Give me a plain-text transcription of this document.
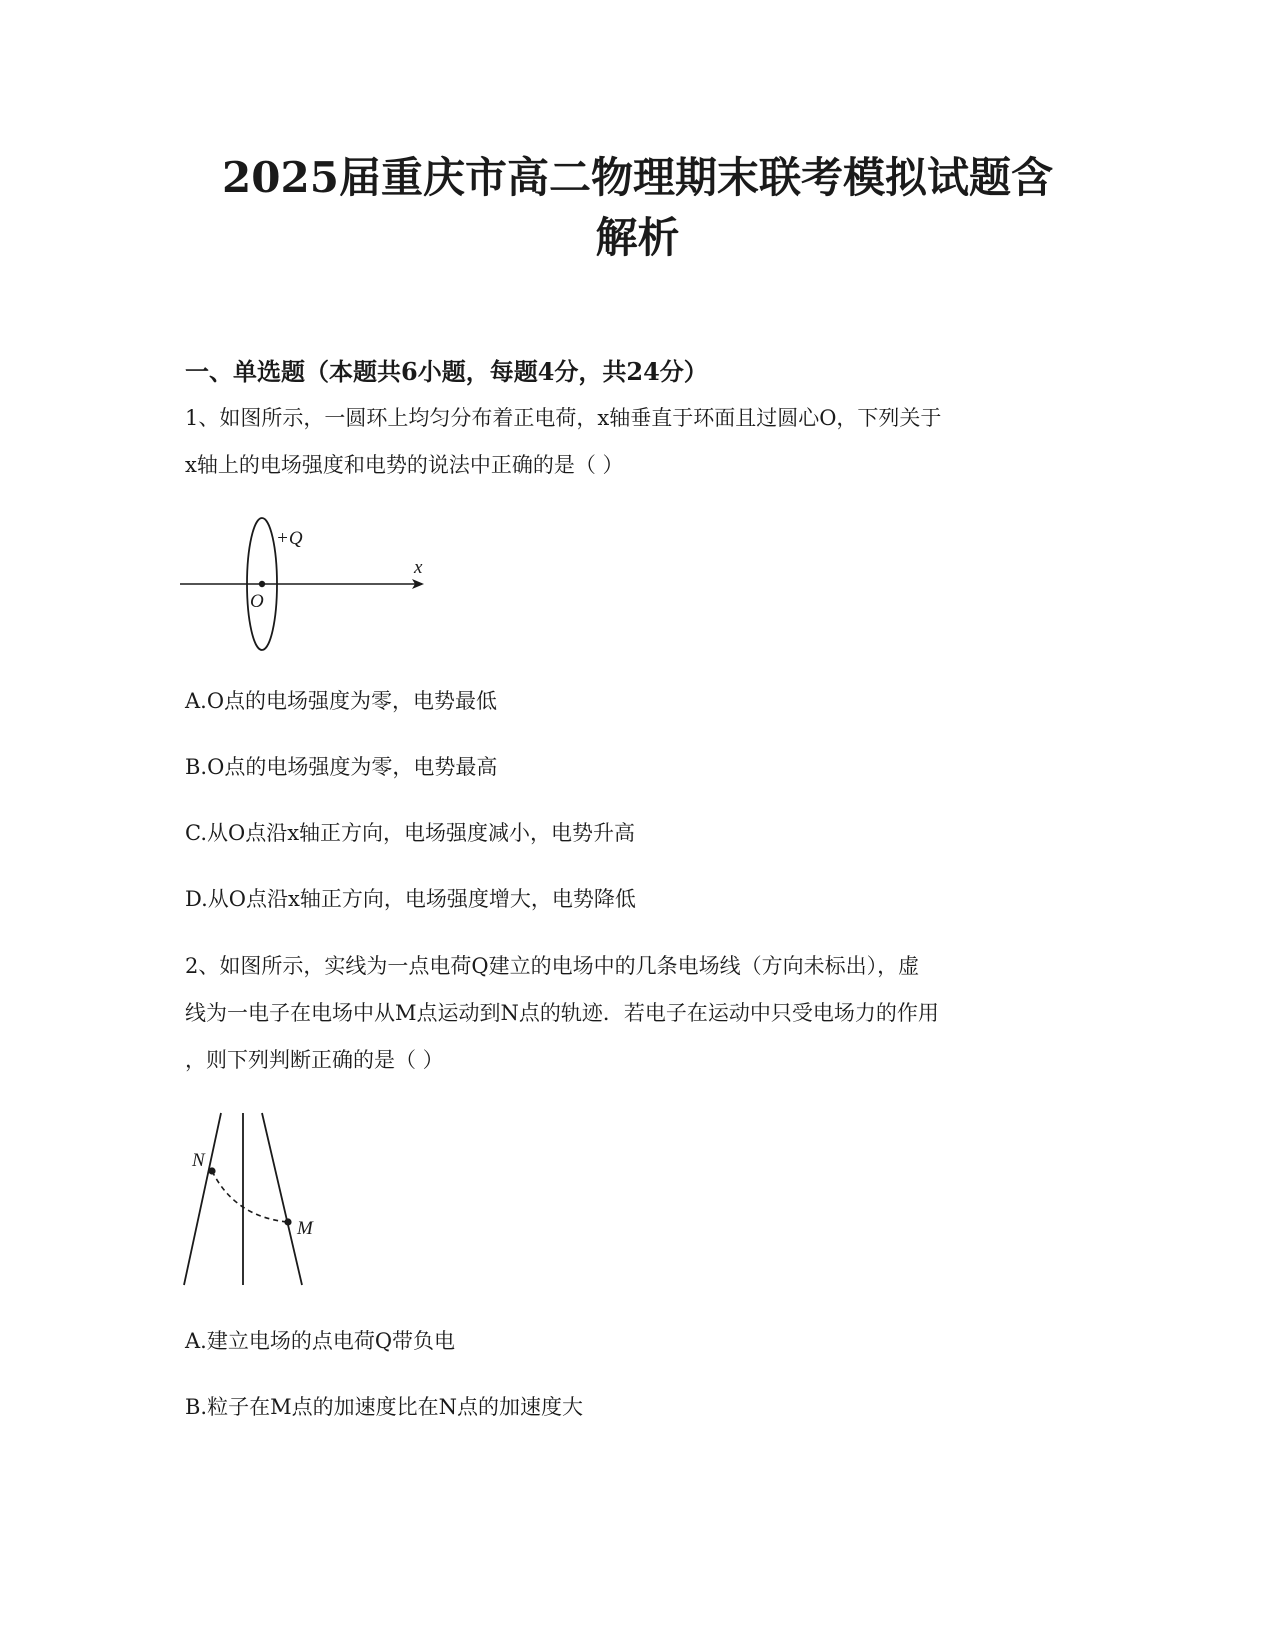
2025届重庆市高二物理期末联考模拟试题含
解析
一、单选题（本题共6小题，每题4分，共24分）
1、如图所示，一圆环上均匀分布着正电荷，x轴垂直于环面且过圆心O，下列关于
x轴上的电场强度和电势的说法中正确的是（ ）
+Q
x
O
A.O点的电场强度为零，电势最低
B.O点的电场强度为零，电势最高
C.从O点沿x轴正方向，电场强度减小，电势升高
D.从O点沿x轴正方向，电场强度增大，电势降低
2、如图所示，实线为一点电荷Q建立的电场中的几条电场线（方向未标出），虚
线为一电子在电场中从M点运动到N点的轨迹．若电子在运动中只受电场力的作用
，则下列判断正确的是（ ）
N
M
A.建立电场的点电荷Q带负电
B.粒子在M点的加速度比在N点的加速度大
